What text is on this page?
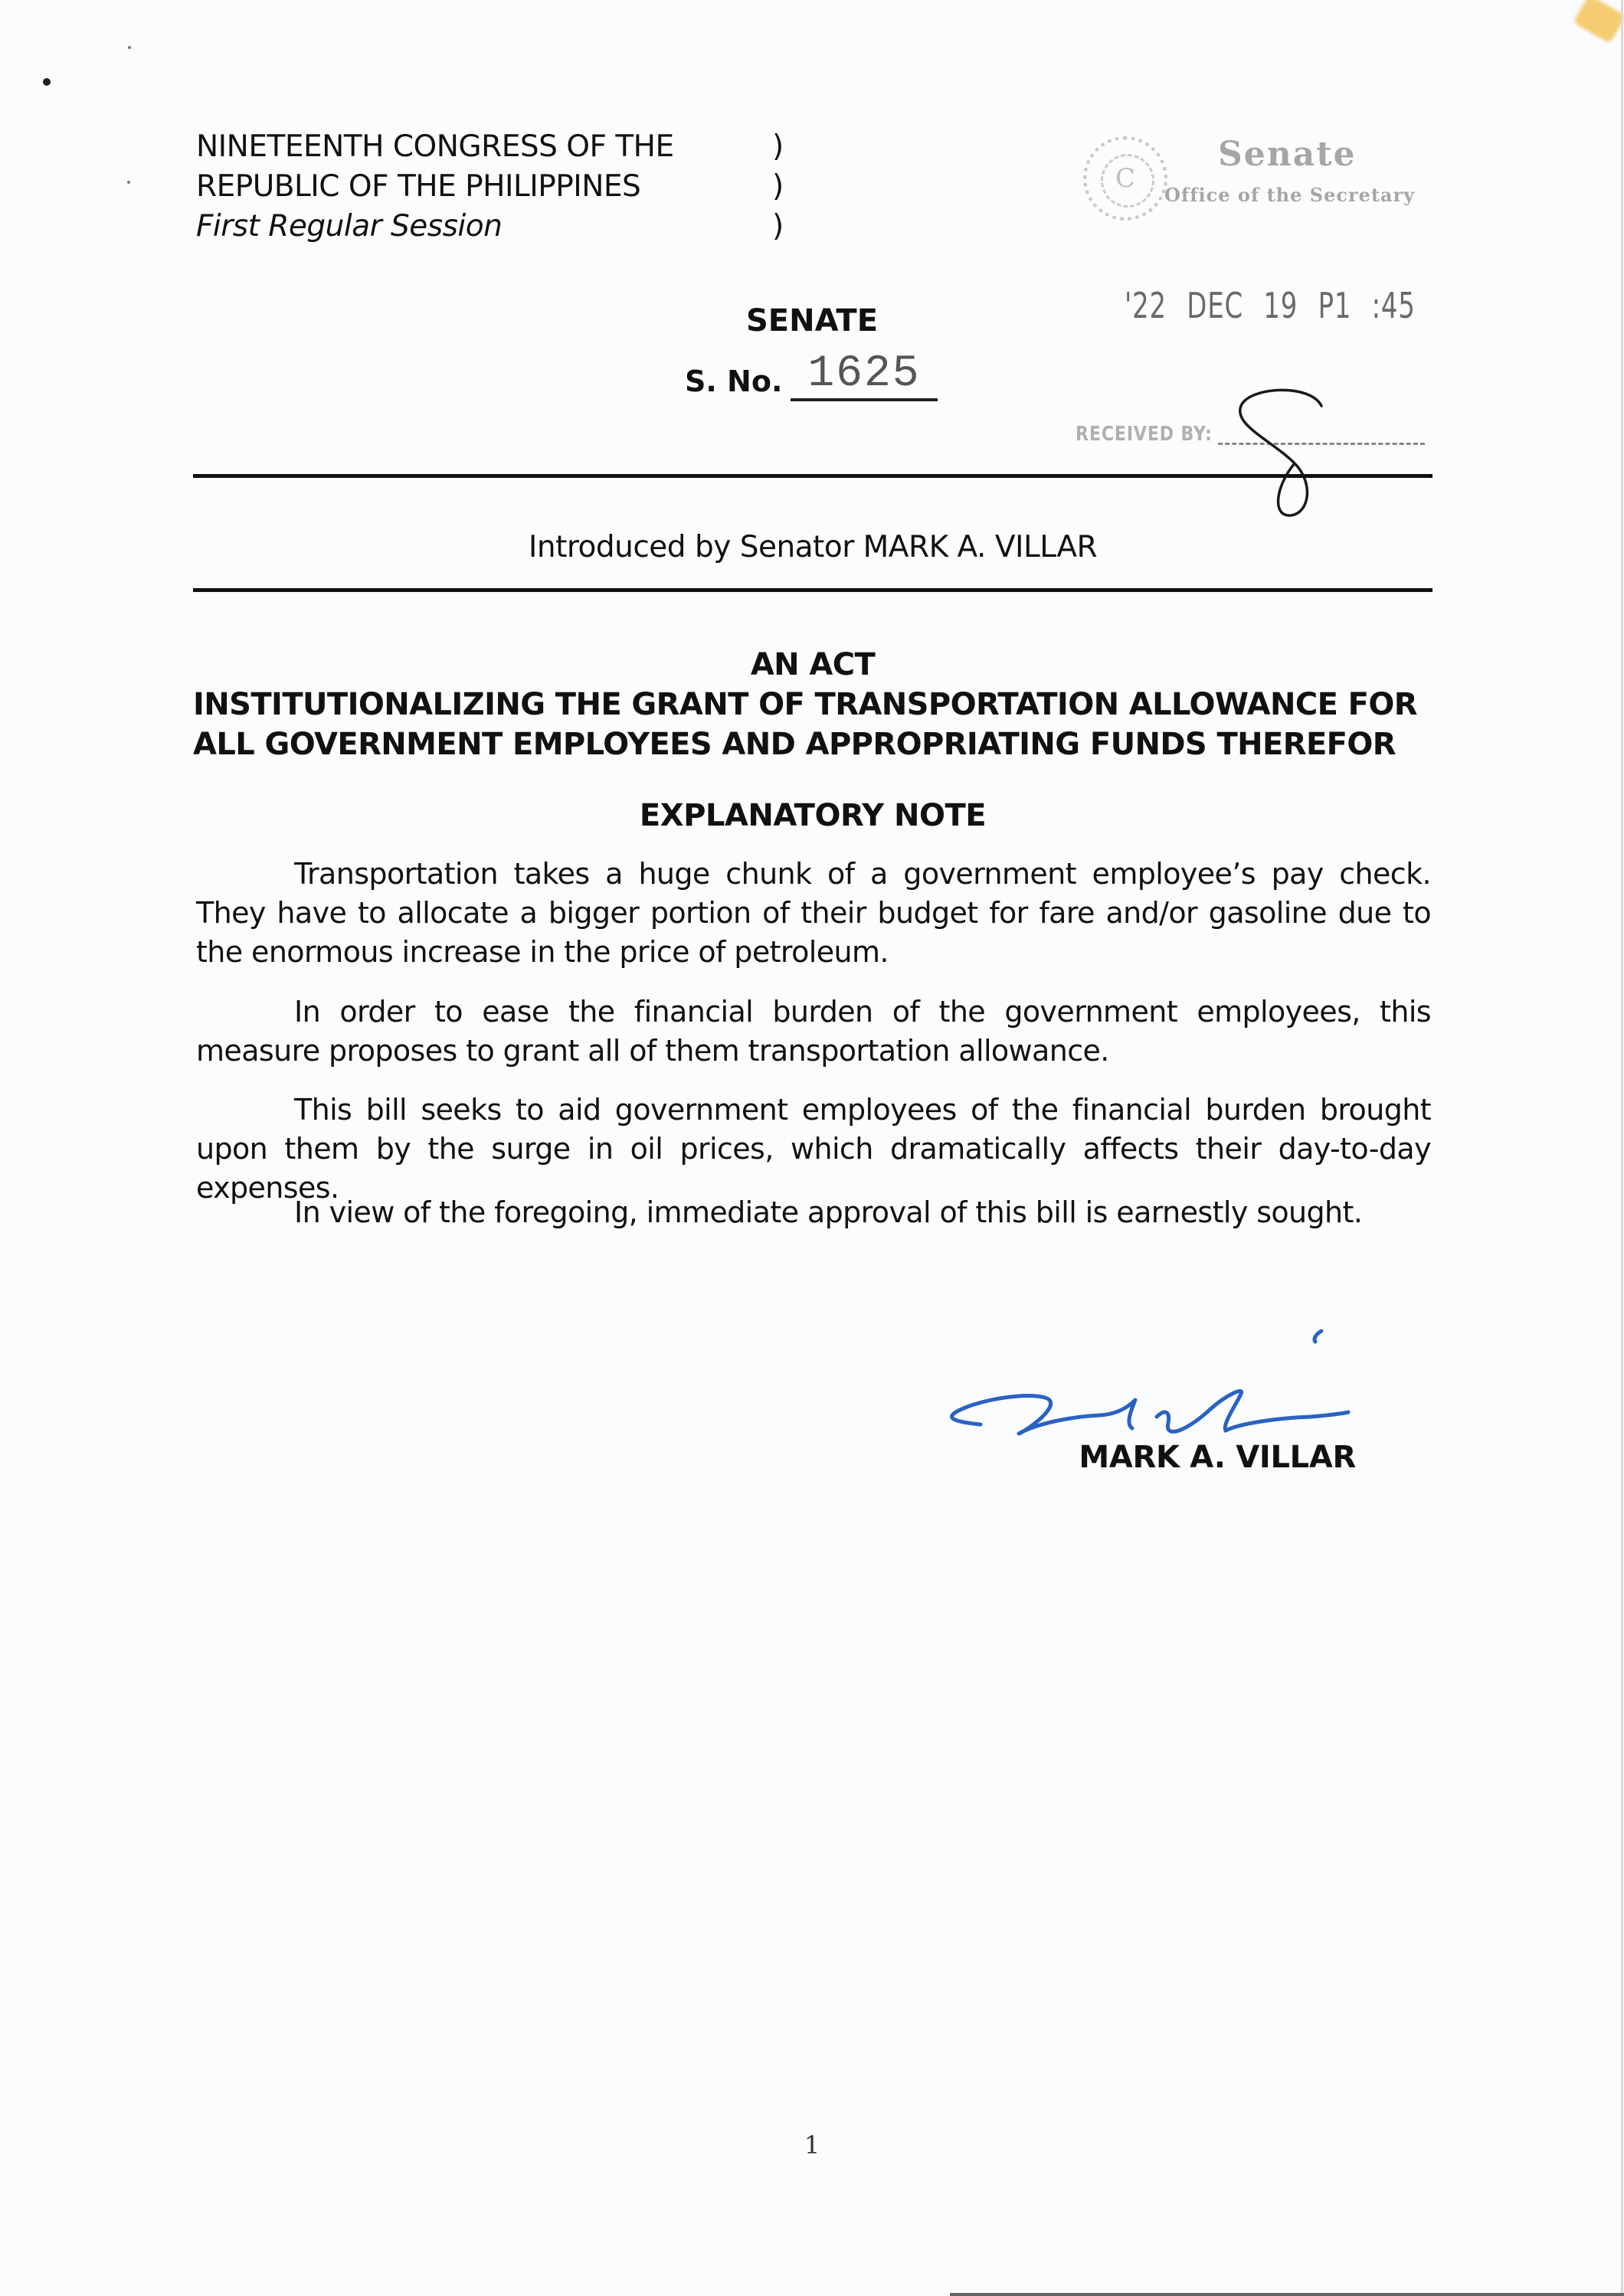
NINETEENTH CONGRESS OF THE
REPUBLIC OF THE PHILIPPINES
First Regular Session
)
)
)
C
Senate
Office of the Secretary
'22 DEC 19 P1 :45
SENATE
S. No. 1625
RECEIVED BY:
Introduced by Senator MARK A. VILLAR
AN ACT
INSTITUTIONALIZING THE GRANT OF TRANSPORTATION ALLOWANCE FOR ALL GOVERNMENT EMPLOYEES AND APPROPRIATING FUNDS THEREFOR
EXPLANATORY NOTE

Transportation takes a huge chunk of a government employee’s pay check. They have to allocate a bigger portion of their budget for fare and/or gasoline due to the enormous increase in the price of petroleum.

In order to ease the financial burden of the government employees, this measure proposes to grant all of them transportation allowance.

This bill seeks to aid government employees of the financial burden brought upon them by the surge in oil prices, which dramatically affects their day-to-day expenses.

In view of the foregoing, immediate approval of this bill is earnestly sought.

MARK A. VILLAR
1
